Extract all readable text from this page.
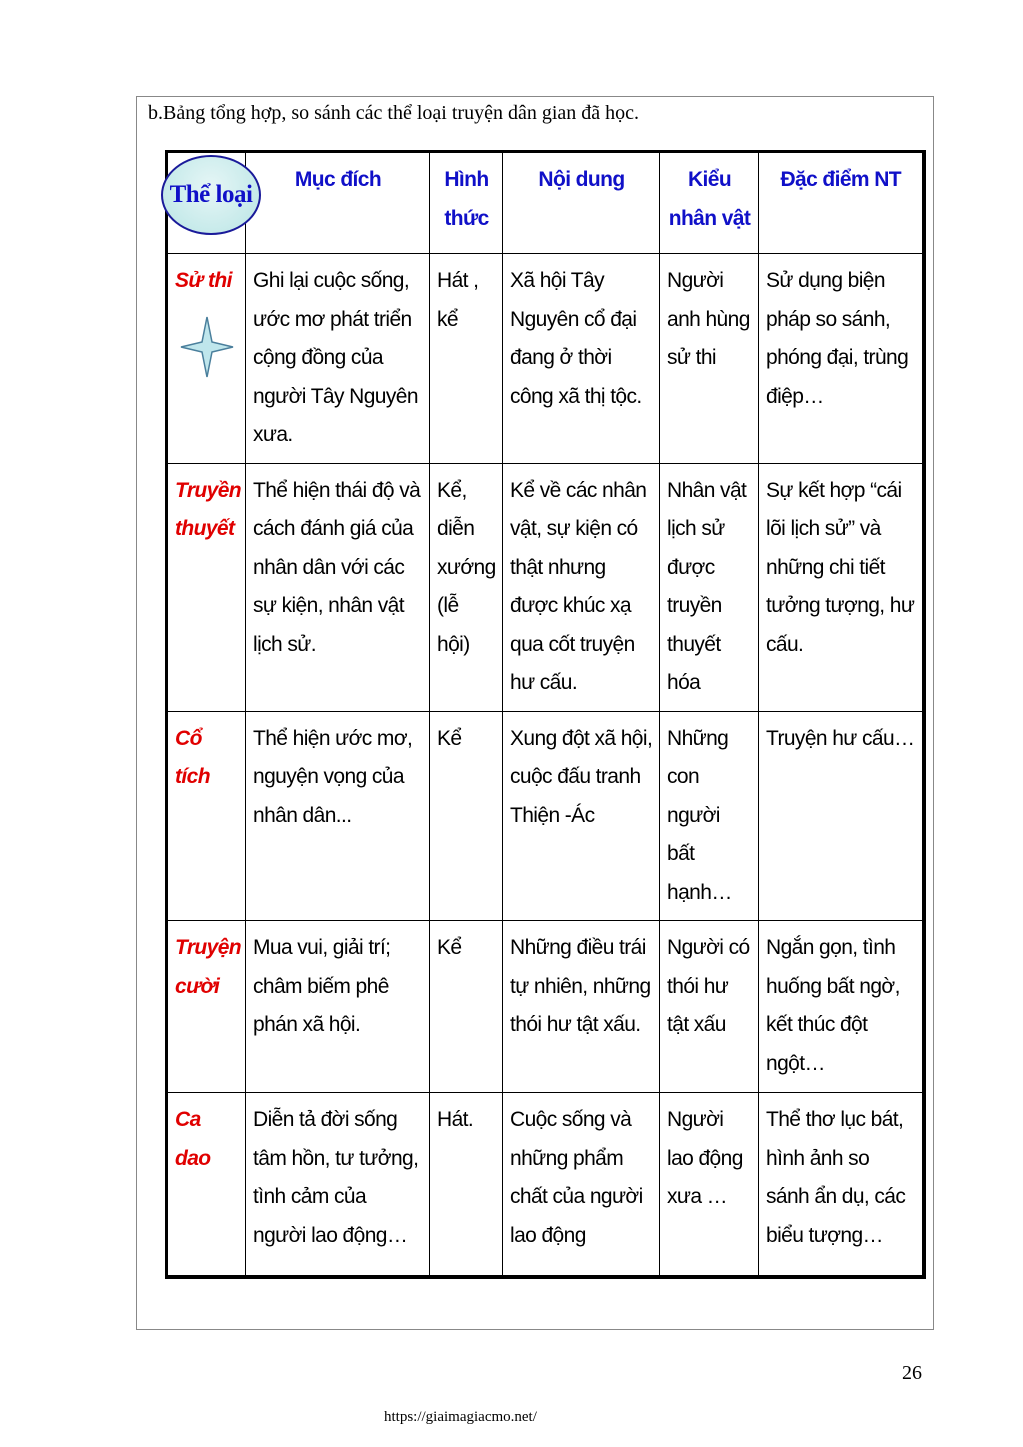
b.Bảng tổng hợp, so sánh các thể loại truyện dân gian đã học.
Thể loại	Mục đích	Hình thức	Nội dung	Kiểu nhân vật	Đặc điểm NT
Sử thi	Ghi lại cuộc sống, ước mơ phát triển cộng đồng của người Tây Nguyên xưa.	Hát , kể	Xã hội Tây Nguyên cổ đại đang ở thời công xã thị tộc.	Người anh hùng sử thi	Sử dụng biện pháp so sánh, phóng đại, trùng điệp…
Truyền thuyết	Thể hiện thái độ và cách đánh giá của nhân dân với các sự kiện, nhân vật lịch sử.	Kể, diễn xướng (lễ hội)	Kể về các nhân vật, sự kiện có thật nhưng được khúc xạ qua cốt truyện hư cấu.	Nhân vật lịch sử được truyền thuyết hóa	Sự kết hợp “cái lõi lịch sử” và những chi tiết tưởng tượng, hư cấu.
Cổ tích	Thể hiện ước mơ, nguyện vọng của nhân dân...	Kể	Xung đột xã hội, cuộc đấu tranh Thiện -Ác	Những con người bất hạnh…	Truyện hư cấu…
Truyện cười	Mua vui, giải trí; châm biếm phê phán xã hội.	Kể	Những điều trái tự nhiên, những thói hư tật xấu.	Người có thói hư tật xấu	Ngắn gọn, tình huống bất ngờ, kết thúc đột ngột…
Ca dao	Diễn tả đời sống tâm hồn, tư tưởng, tình cảm của người lao động…	Hát.	Cuộc sống và những phẩm chất của người lao động	Người lao động xưa …	Thể thơ lục bát, hình ảnh so sánh ẩn dụ, các biểu tượng…
26
https://giaimagiacmo.net/
